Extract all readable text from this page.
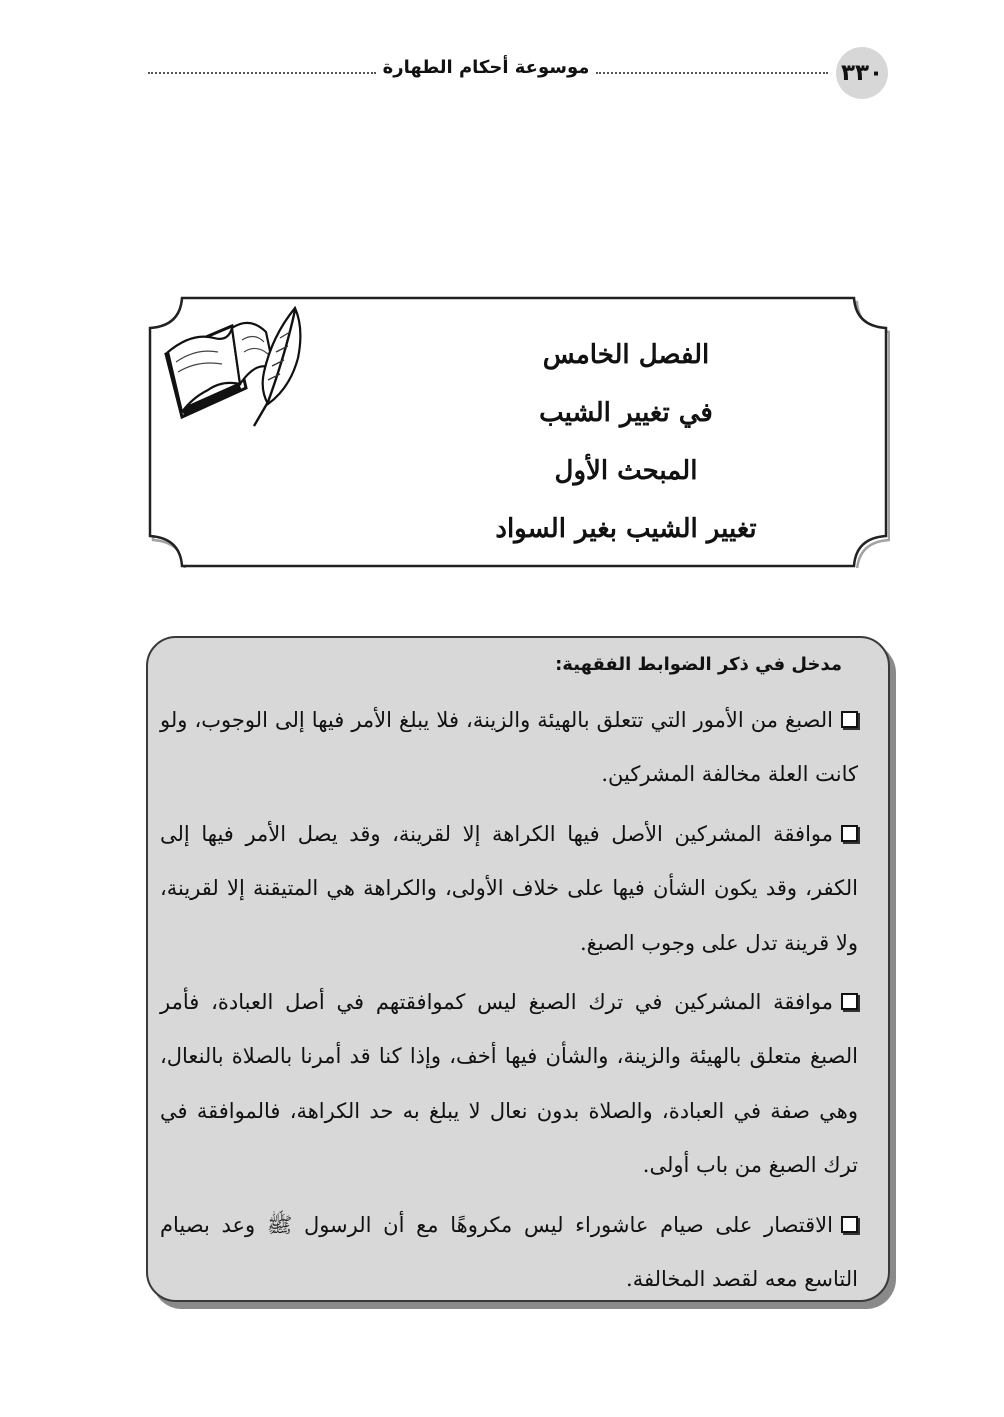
٣٣٠
موسوعة أحكام الطهارة
الفصل الخامس
في تغيير الشيب
المبحث الأول
تغيير الشيب بغير السواد
مدخل في ذكر الضوابط الفقهية:
الصبغ من الأمور التي تتعلق بالهيئة والزينة، فلا يبلغ الأمر فيها إلى الوجوب، ولو كانت العلة مخالفة المشركين.
موافقة المشركين الأصل فيها الكراهة إلا لقرينة، وقد يصل الأمر فيها إلى الكفر، وقد يكون الشأن فيها على خلاف الأولى، والكراهة هي المتيقنة إلا لقرينة، ولا قرينة تدل على وجوب الصبغ.
موافقة المشركين في ترك الصبغ ليس كموافقتهم في أصل العبادة، فأمر الصبغ متعلق بالهيئة والزينة، والشأن فيها أخف، وإذا كنا قد أمرنا بالصلاة بالنعال، وهي صفة في العبادة، والصلاة بدون نعال لا يبلغ به حد الكراهة، فالموافقة في ترك الصبغ من باب أولى.
الاقتصار على صيام عاشوراء ليس مكروهًا مع أن الرسول ﷺ وعد بصيام التاسع معه لقصد المخالفة.
